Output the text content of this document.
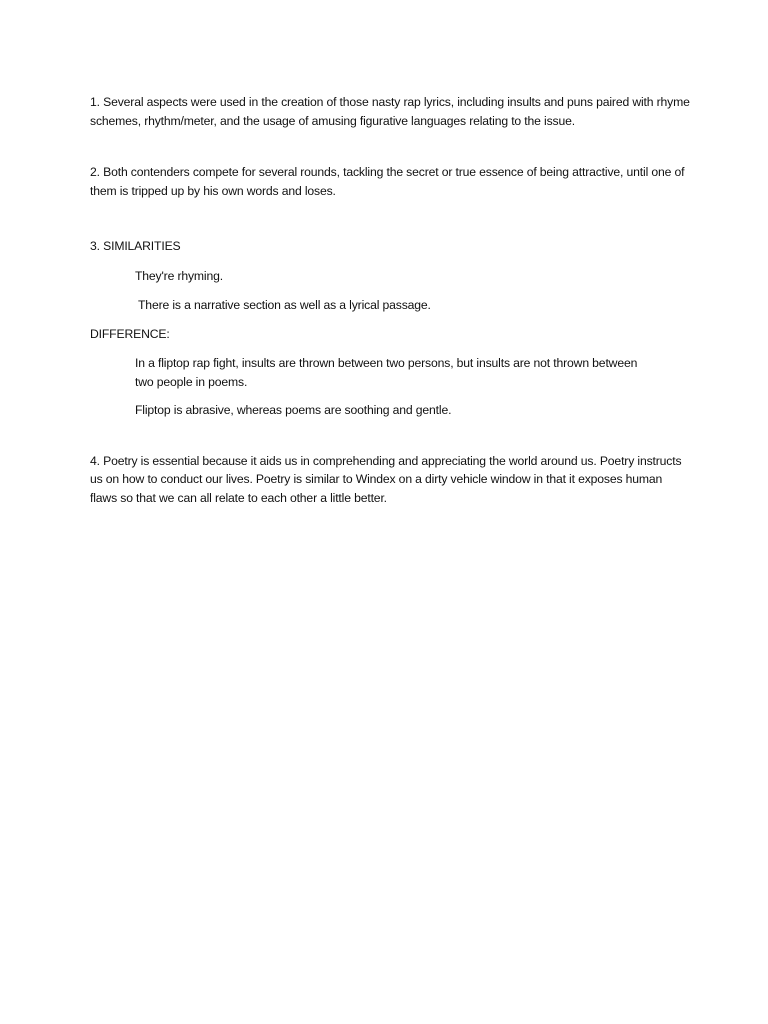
1. Several aspects were used in the creation of those nasty rap lyrics, including insults and puns paired with rhyme schemes, rhythm/meter, and the usage of amusing figurative languages relating to the issue.

2. Both contenders compete for several rounds, tackling the secret or true essence of being attractive, until one of them is tripped up by his own words and loses.

3. SIMILARITIES

They're rhyming.

There is a narrative section as well as a lyrical passage.

DIFFERENCE:

In a fliptop rap fight, insults are thrown between two persons, but insults are not thrown between two people in poems.

Fliptop is abrasive, whereas poems are soothing and gentle.

4. Poetry is essential because it aids us in comprehending and appreciating the world around us. Poetry instructs us on how to conduct our lives. Poetry is similar to Windex on a dirty vehicle window in that it exposes human flaws so that we can all relate to each other a little better.
